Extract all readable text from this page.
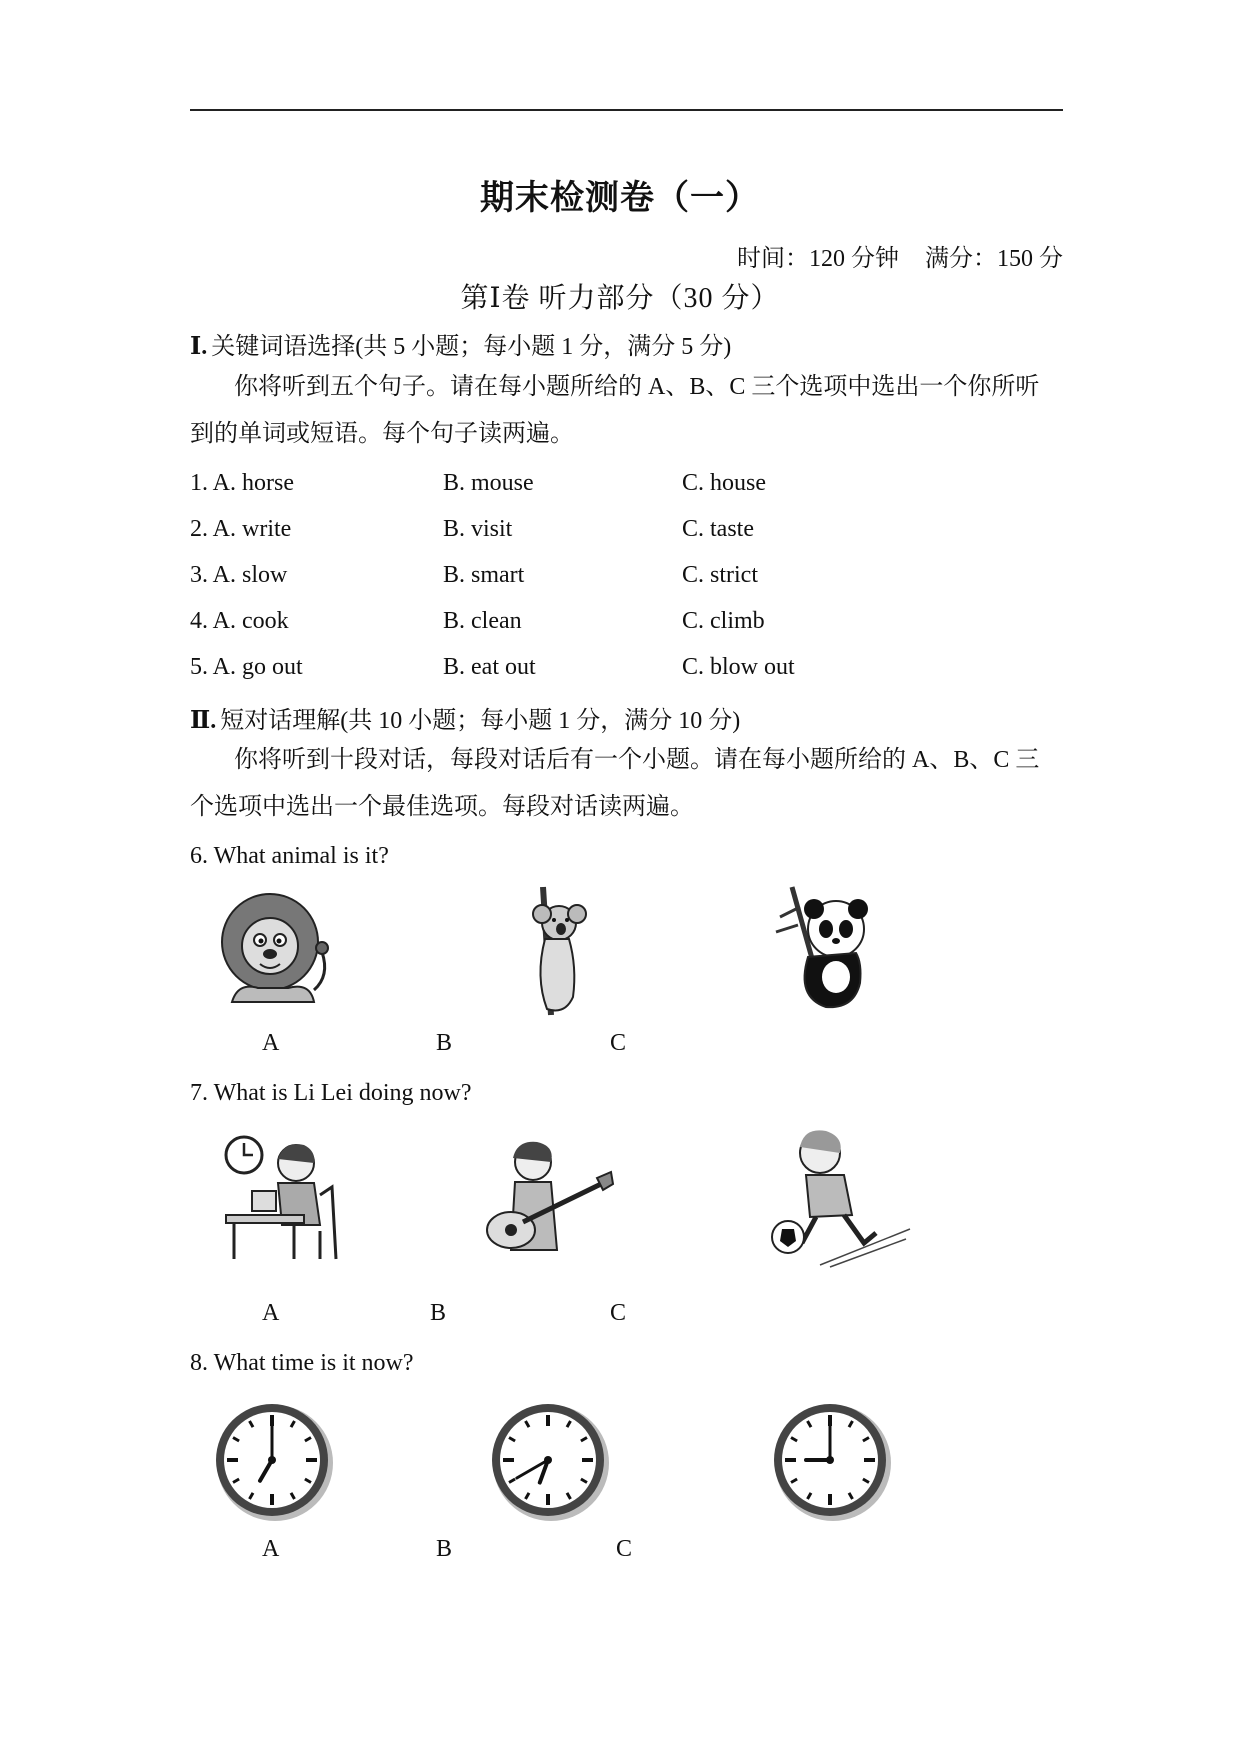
期末检测卷（一）
时间：120 分钟 满分：150 分
第Ⅰ卷 听力部分（30 分）
Ⅰ. 关键词语选择(共 5 小题；每小题 1 分，满分 5 分)
你将听到五个句子。请在每小题所给的 A、B、C 三个选项中选出一个你所听到的单词或短语。每个句子读两遍。
1. A. horse	B. mouse	C. house
2. A. write	B. visit	C. taste
3. A. slow	B. smart	C. strict
4. A. cook	B. clean	C. climb
5. A. go out	B. eat out	C. blow out
Ⅱ. 短对话理解(共 10 小题；每小题 1 分，满分 10 分)
你将听到十段对话，每段对话后有一个小题。请在每小题所给的 A、B、C 三个选项中选出一个最佳选项。每段对话读两遍。
6. What animal is it?
A	B	C
7. What is Li Lei doing now?
A	B	C
8. What time is it now?
A	B	C
